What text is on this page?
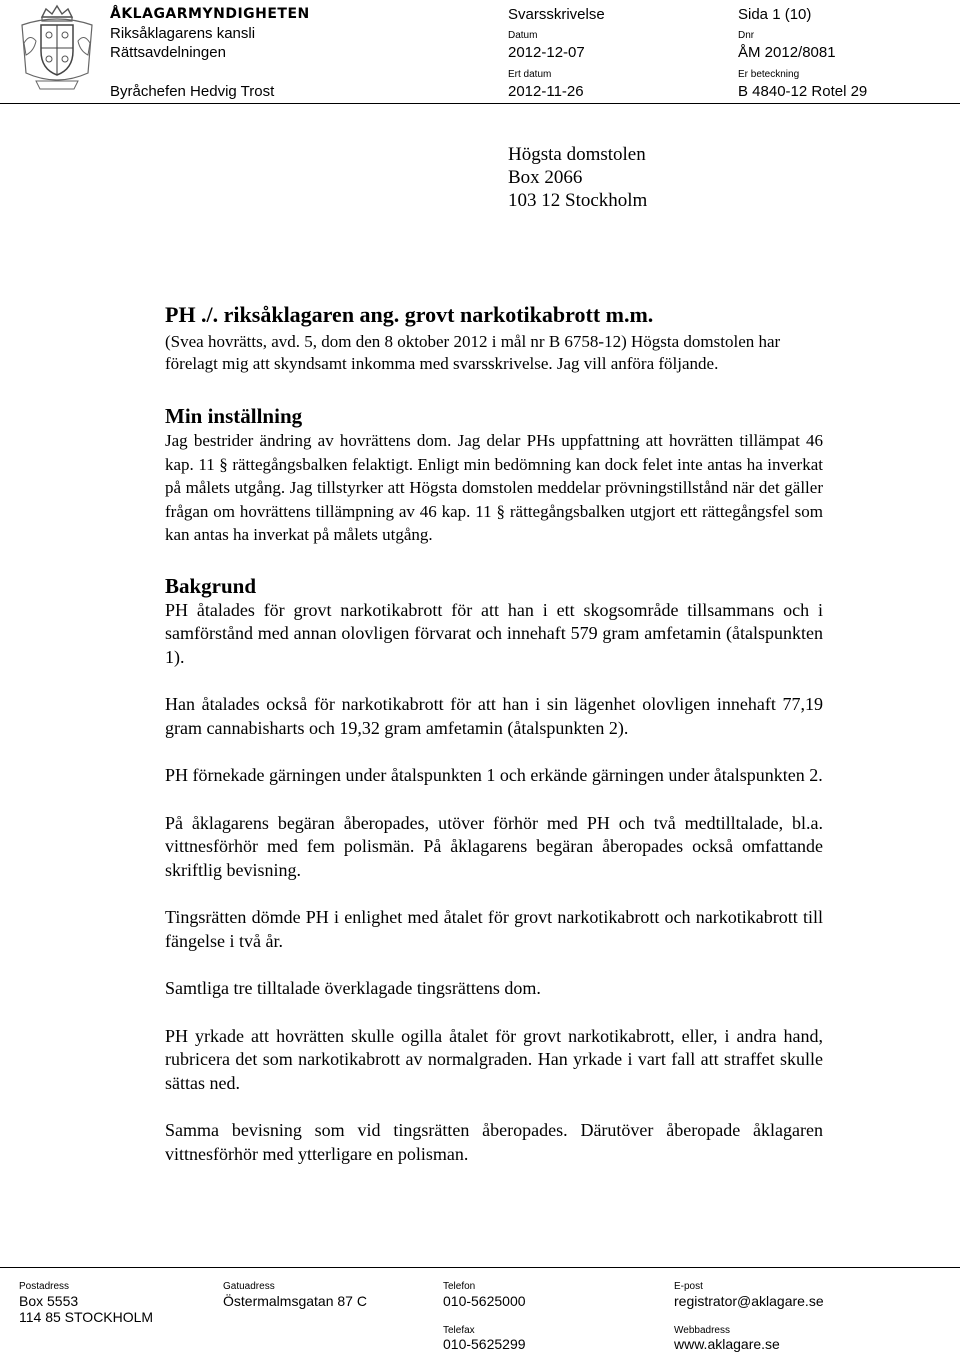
ÅKLAGARMYNDIGHETEN
Riksåklagarens kansli
Rättsavdelningen
Byråchefen Hedvig Trost
Svarsskrivelse	Sida 1 (10)
Datum
2012-12-07
Dnr
ÅM 2012/8081
Ert datum
2012-11-26
Er beteckning
B 4840-12 Rotel 29
Högsta domstolen
Box 2066
103 12 Stockholm

PH ./. riksåklagaren ang. grovt narkotikabrott m.m.

(Svea hovrätts, avd. 5, dom den 8 oktober 2012 i mål nr B 6758-12) Högsta domstolen har förelagt mig att skyndsamt inkomma med svarsskrivelse. Jag vill anföra följande.

Min inställning

Jag bestrider ändring av hovrättens dom. Jag delar PHs uppfattning att hovrätten tillämpat 46 kap. 11 § rättegångsbalken felaktigt. Enligt min bedömning kan dock felet inte antas ha inverkat på målets utgång. Jag tillstyrker att Högsta domstolen meddelar prövningstillstånd när det gäller frågan om hovrättens tillämpning av 46 kap. 11 § rättegångsbalken utgjort ett rättegångsfel som kan antas ha inverkat på målets utgång.

Bakgrund

PH åtalades för grovt narkotikabrott för att han i ett skogsområde tillsammans och i samförstånd med annan olovligen förvarat och innehaft 579 gram amfetamin (åtalspunkten 1).

Han åtalades också för narkotikabrott för att han i sin lägenhet olovligen innehaft 77,19 gram cannabisharts och 19,32 gram amfetamin (åtalspunkten 2).

PH förnekade gärningen under åtalspunkten 1 och erkände gärningen under åtalspunkten 2.

På åklagarens begäran åberopades, utöver förhör med PH och två medtilltalade, bl.a. vittnesförhör med fem polismän. På åklagarens begäran åberopades också omfattande skriftlig bevisning.

Tingsrätten dömde PH i enlighet med åtalet för grovt narkotikabrott och narkotikabrott till fängelse i två år.

Samtliga tre tilltalade överklagade tingsrättens dom.

PH yrkade att hovrätten skulle ogilla åtalet för grovt narkotikabrott, eller, i andra hand, rubricera det som narkotikabrott av normalgraden. Han yrkade i vart fall att straffet skulle sättas ned.

Samma bevisning som vid tingsrätten åberopades. Därutöver åberopade åklagaren vittnesförhör med ytterligare en polisman.

Postadress
Box 5553
114 85 STOCKHOLM
Gatuadress
Östermalmsgatan 87 C
Telefon
010-5625000
Telefax
010-5625299
E-post
registrator@aklagare.se
Webbadress
www.aklagare.se
